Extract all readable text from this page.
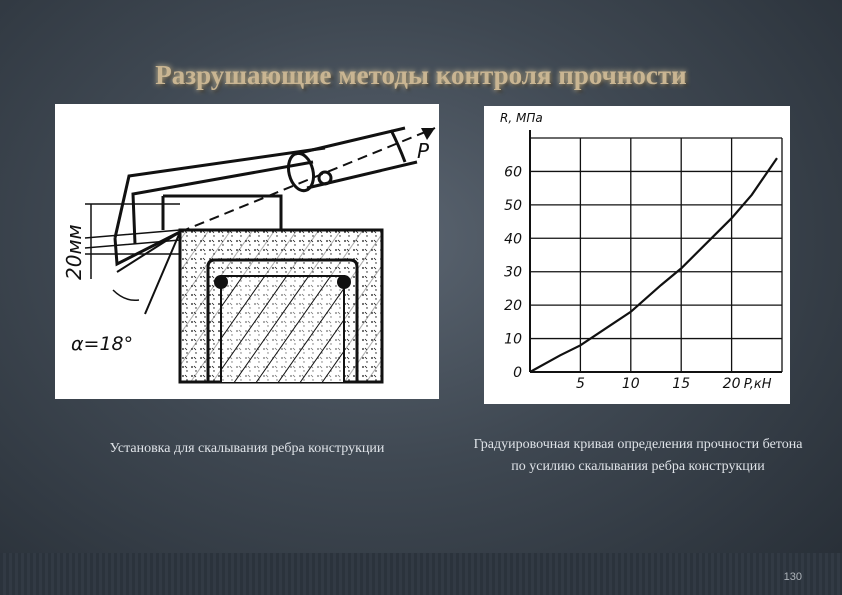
Разрушающие методы контроля прочности
P
20мм
α=18°
0
10
20
30
40
50
60
5	10 15 20
R, МПа
P,кН
Установка для скалывания ребра конструкции	Градуировочная кривая определения прочности бетона по усилию скалывания ребра конструкции
130
